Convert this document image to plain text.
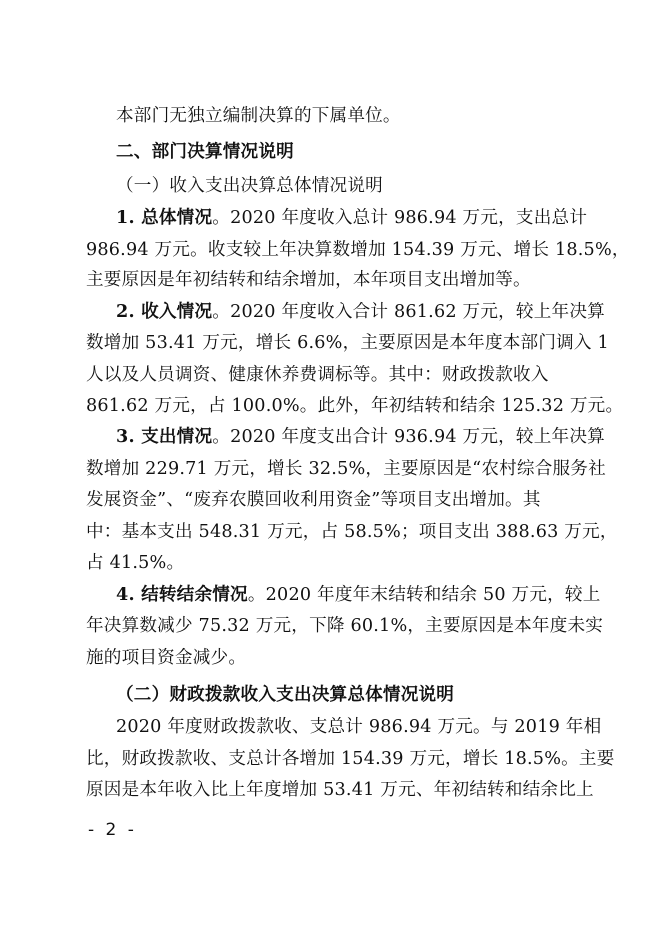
本部门无独立编制决算的下属单位。
二、部门决算情况说明
（一）收入支出决算总体情况说明
1. 总体情况。2020 年度收入总计 986.94 万元，支出总计
986.94 万元。收支较上年决算数增加 154.39 万元、增长 18.5%，
主要原因是年初结转和结余增加，本年项目支出增加等。
2. 收入情况。2020 年度收入合计 861.62 万元，较上年决算
数增加 53.41 万元，增长 6.6%，主要原因是本年度本部门调入 1
人以及人员调资、健康休养费调标等。其中：财政拨款收入
861.62 万元，占 100.0%。此外，年初结转和结余 125.32 万元。
3. 支出情况。2020 年度支出合计 936.94 万元，较上年决算
数增加 229.71 万元，增长 32.5%，主要原因是“农村综合服务社
发展资金”、“废弃农膜回收利用资金”等项目支出增加。其
中：基本支出 548.31 万元，占 58.5%；项目支出 388.63 万元，
占 41.5%。
4. 结转结余情况。2020 年度年末结转和结余 50 万元，较上
年决算数减少 75.32 万元，下降 60.1%，主要原因是本年度未实
施的项目资金减少。
（二）财政拨款收入支出决算总体情况说明
2020 年度财政拨款收、支总计 986.94 万元。与 2019 年相
比，财政拨款收、支总计各增加 154.39 万元，增长 18.5%。主要
原因是本年收入比上年度增加 53.41 万元、年初结转和结余比上
- 2 -
